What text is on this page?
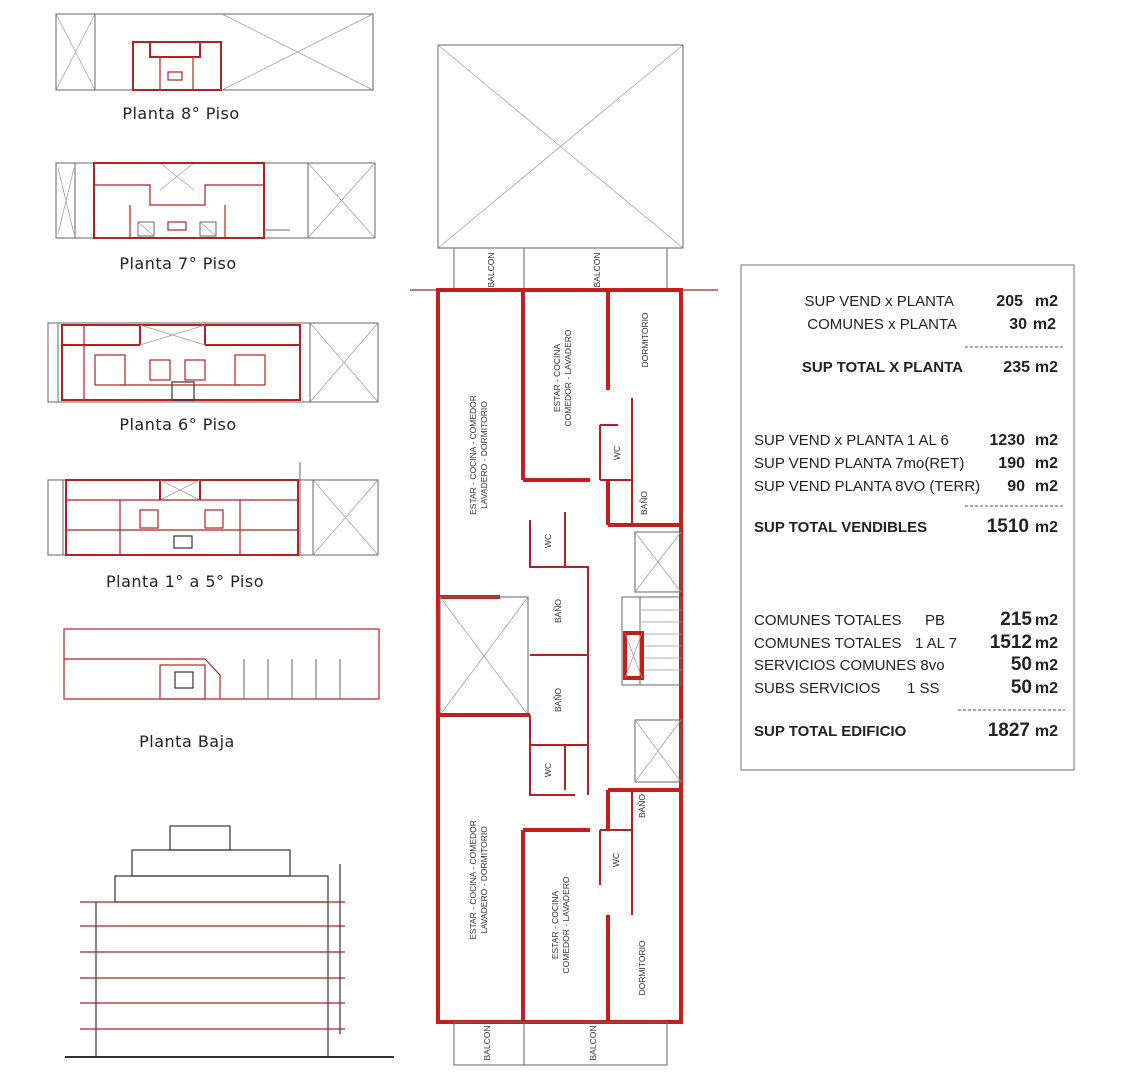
Planta 8° Piso
Planta 7° Piso
Planta 6° Piso
Planta 1° a 5° Piso
Planta Baja
BALCON	BALCON
BALCON	BALCON
ESTAR - COCINA - COMEDOR LAVADERO - DORMITORIO
ESTAR - COCINA - COMEDOR LAVADERO - DORMITORIO
ESTAR - COCINA COMEDOR - LAVADERO
ESTAR - COCINA COMEDOR - LAVADERO
DORMITORIO
DORMITORIO
WC
WC
WC
WC
BAÑO
BAÑO
BAÑO
BAÑO
SUP VEND x PLANTA	205 m2
COMUNES x PLANTA	30 m2
SUP TOTAL X PLANTA	235 m2
SUP VEND x PLANTA 1 AL 6	1230 m2
SUP VEND PLANTA 7mo(RET) 190 m2
SUP VEND PLANTA 8VO (TERR) 90 m2
SUP TOTAL VENDIBLES	1510 m2
COMUNES TOTALES PB	215 m2
COMUNES TOTALES 1 AL 7 1512 m2
SERVICIOS COMUNES 8vo	50 m2
SUBS SERVICIOS 1 SS	50 m2
SUP TOTAL EDIFICIO	1827 m2
